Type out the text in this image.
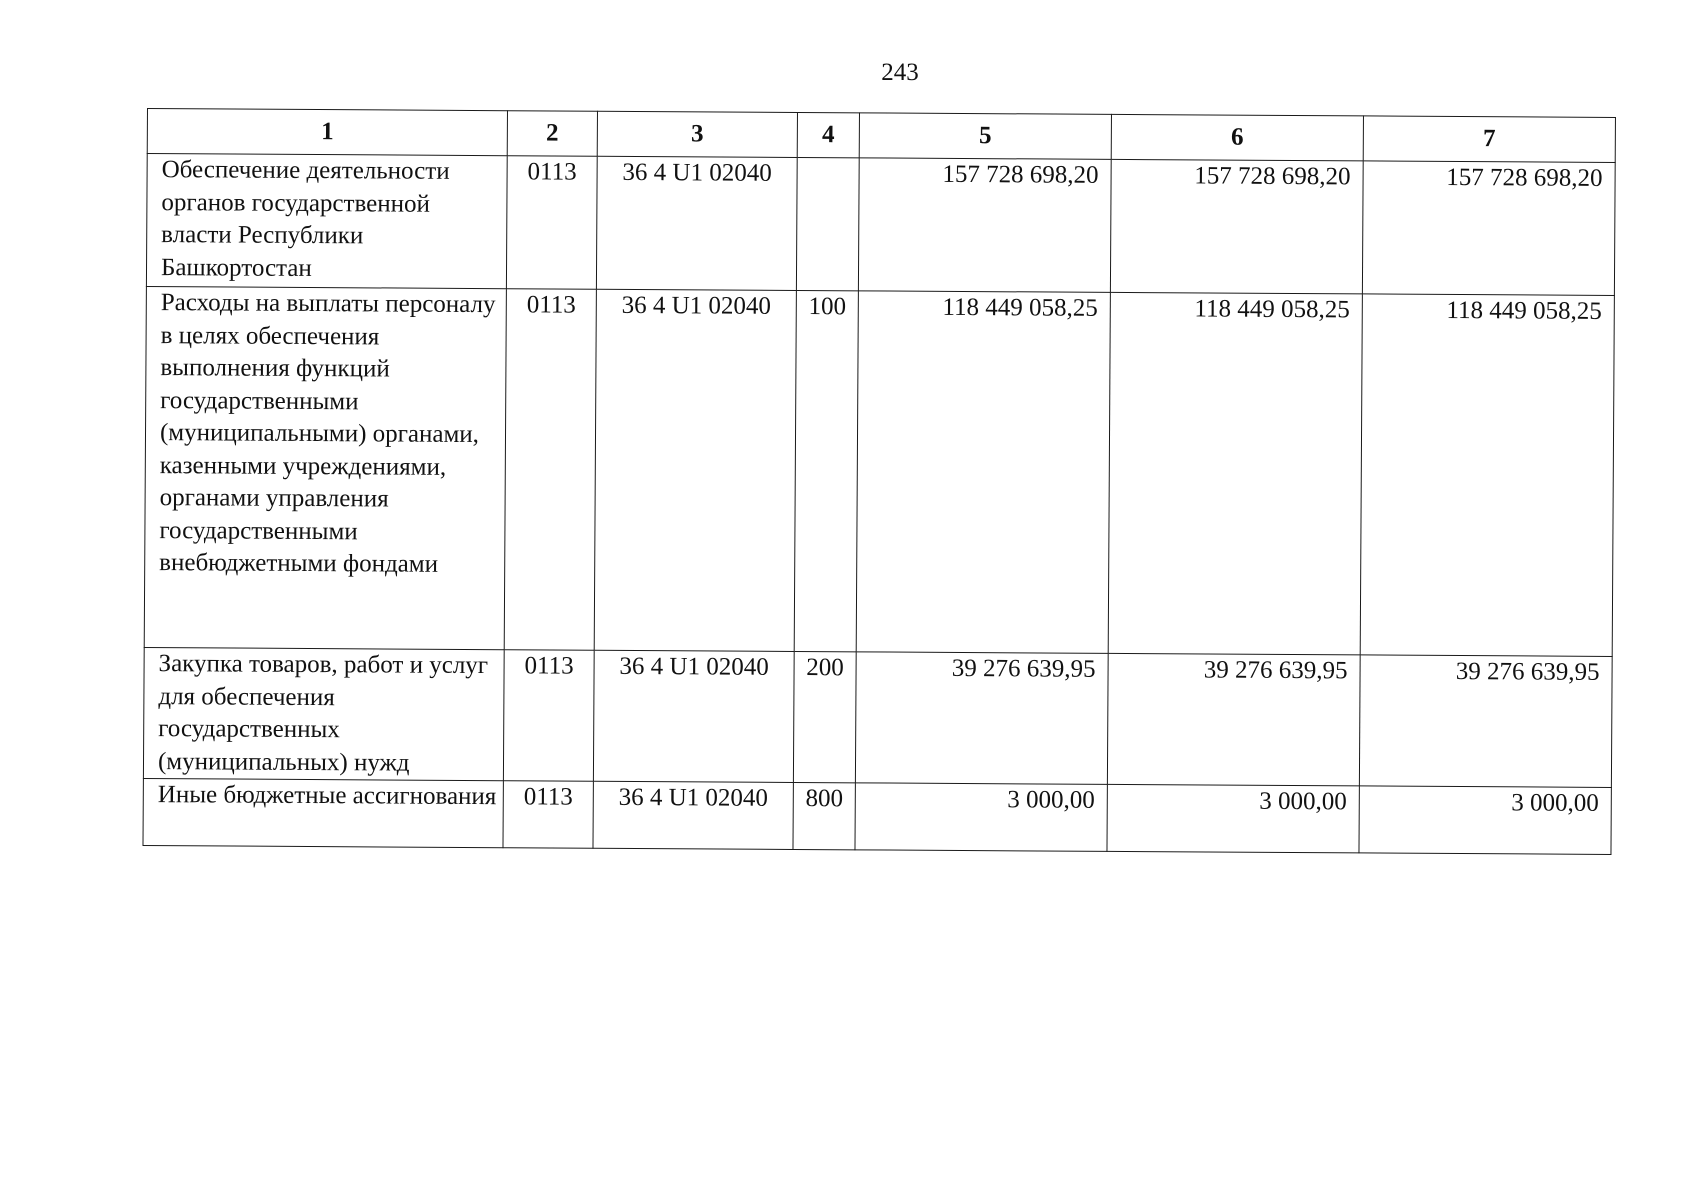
243
1	2	3	4	5	6	7
Обеспечение деятельности органов государственной власти Республики Башкортостан	0113	36 4 U1 02040		157 728 698,20	157 728 698,20	157 728 698,20
Расходы на выплаты персоналу в целях обеспечения выполнения функций государственными (муниципальными) органами, казенными учреждениями, органами управления государственными внебюджетными фондами	0113	36 4 U1 02040	100	118 449 058,25	118 449 058,25	118 449 058,25
Закупка товаров, работ и услуг для обеспечения государственных (муниципальных) нужд	0113	36 4 U1 02040	200	39 276 639,95	39 276 639,95	39 276 639,95
Иные бюджетные ассигнования	0113	36 4 U1 02040	800	3 000,00	3 000,00	3 000,00
